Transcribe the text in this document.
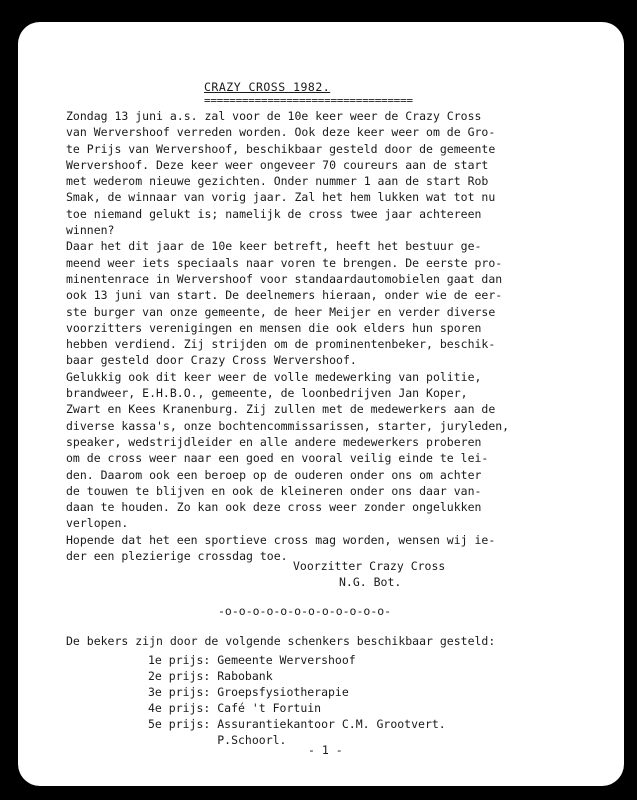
CRAZY CROSS 1982.
=================================
Zondag 13 juni a.s. zal voor de 10e keer weer de Crazy Cross
van Wervershoof verreden worden. Ook deze keer weer om de Gro-
te Prijs van Wervershoof, beschikbaar gesteld door de gemeente
Wervershoof. Deze keer weer ongeveer 70 coureurs aan de start
met wederom nieuwe gezichten. Onder nummer 1 aan de start Rob
Smak, de winnaar van vorig jaar. Zal het hem lukken wat tot nu
toe niemand gelukt is; namelijk de cross twee jaar achtereen
winnen?
Daar het dit jaar de 10e keer betreft, heeft het bestuur ge-
meend weer iets speciaals naar voren te brengen. De eerste pro-
minentenrace in Wervershoof voor standaardautomobielen gaat dan
ook 13 juni van start. De deelnemers hieraan, onder wie de eer-
ste burger van onze gemeente, de heer Meijer en verder diverse
voorzitters verenigingen en mensen die ook elders hun sporen
hebben verdiend. Zij strijden om de prominentenbeker, beschik-
baar gesteld door Crazy Cross Wervershoof.
Gelukkig ook dit keer weer de volle medewerking van politie,
brandweer, E.H.B.O., gemeente, de loonbedrijven Jan Koper,
Zwart en Kees Kranenburg. Zij zullen met de medewerkers aan de
diverse kassa's, onze bochtencommissarissen, starter, juryleden,
speaker, wedstrijdleider en alle andere medewerkers proberen
om de cross weer naar een goed en vooral veilig einde te lei-
den. Daarom ook een beroep op de ouderen onder ons om achter
de touwen te blijven en ook de kleineren onder ons daar van-
daan te houden. Zo kan ook deze cross weer zonder ongelukken
verlopen.
Hopende dat het een sportieve cross mag worden, wensen wij ie-
der een plezierige crossdag toe.
Voorzitter Crazy Cross
N.G. Bot.
-o-o-o-o-o-o-o-o-o-o-o-o-
De bekers zijn door de volgende schenkers beschikbaar gesteld:
1e prijs: Gemeente Wervershoof
2e prijs: Rabobank
3e prijs: Groepsfysiotherapie
4e prijs: Café 't Fortuin
5e prijs: Assurantiekantoor C.M. Grootvert.
P.Schoorl.
- 1 -
